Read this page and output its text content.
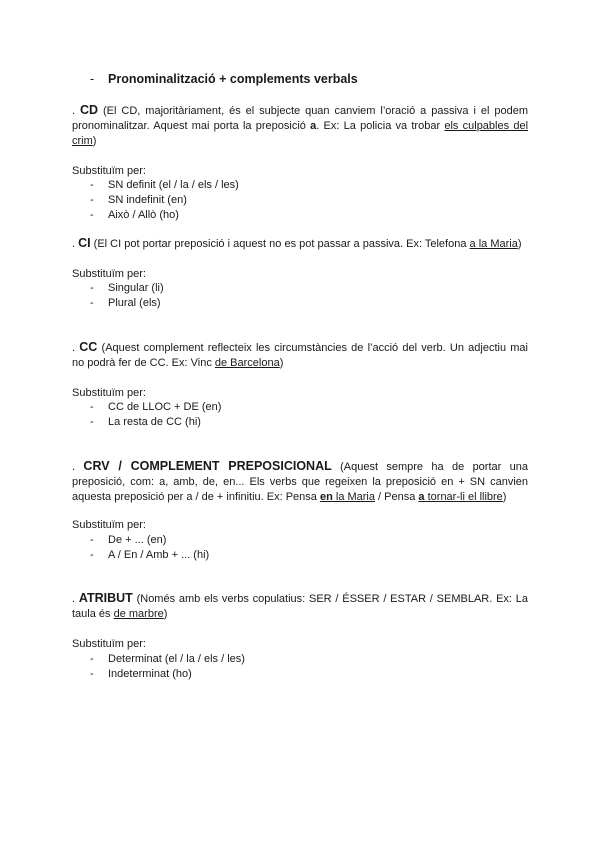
- Pronominalització + complements verbals
. CD (El CD, majoritàriament, és el subjecte quan canviem l’oració a passiva i el podem pronominalitzar. Aquest mai porta la preposició a. Ex: La policia va trobar els culpables del crim)
Substituïm per:
- SN definit (el / la / els / les)
- SN indefinit (en)
- Això / Allò (ho)
. CI (El CI pot portar preposició i aquest no es pot passar a passiva. Ex: Telefona a la Maria)
Substituïm per:
- Singular (li)
- Plural (els)
. CC (Aquest complement reflecteix les circumstàncies de l’acció del verb. Un adjectiu mai no podrà fer de CC. Ex: Vinc de Barcelona)
Substituïm per:
- CC de LLOC + DE (en)
- La resta de CC (hi)
. CRV / COMPLEMENT PREPOSICIONAL (Aquest sempre ha de portar una preposició, com: a, amb, de, en... Els verbs que regeixen la preposició en + SN canvien aquesta preposició per a / de + infinitiu. Ex: Pensa en la Maria / Pensa a tornar-li el llibre)
Substituïm per:
- De + ... (en)
- A / En / Amb + ... (hi)
. ATRIBUT (Només amb els verbs copulatius: SER / ÉSSER / ESTAR / SEMBLAR. Ex: La taula és de marbre)
Substituïm per:
- Determinat (el / la / els / les)
- Indeterminat (ho)
